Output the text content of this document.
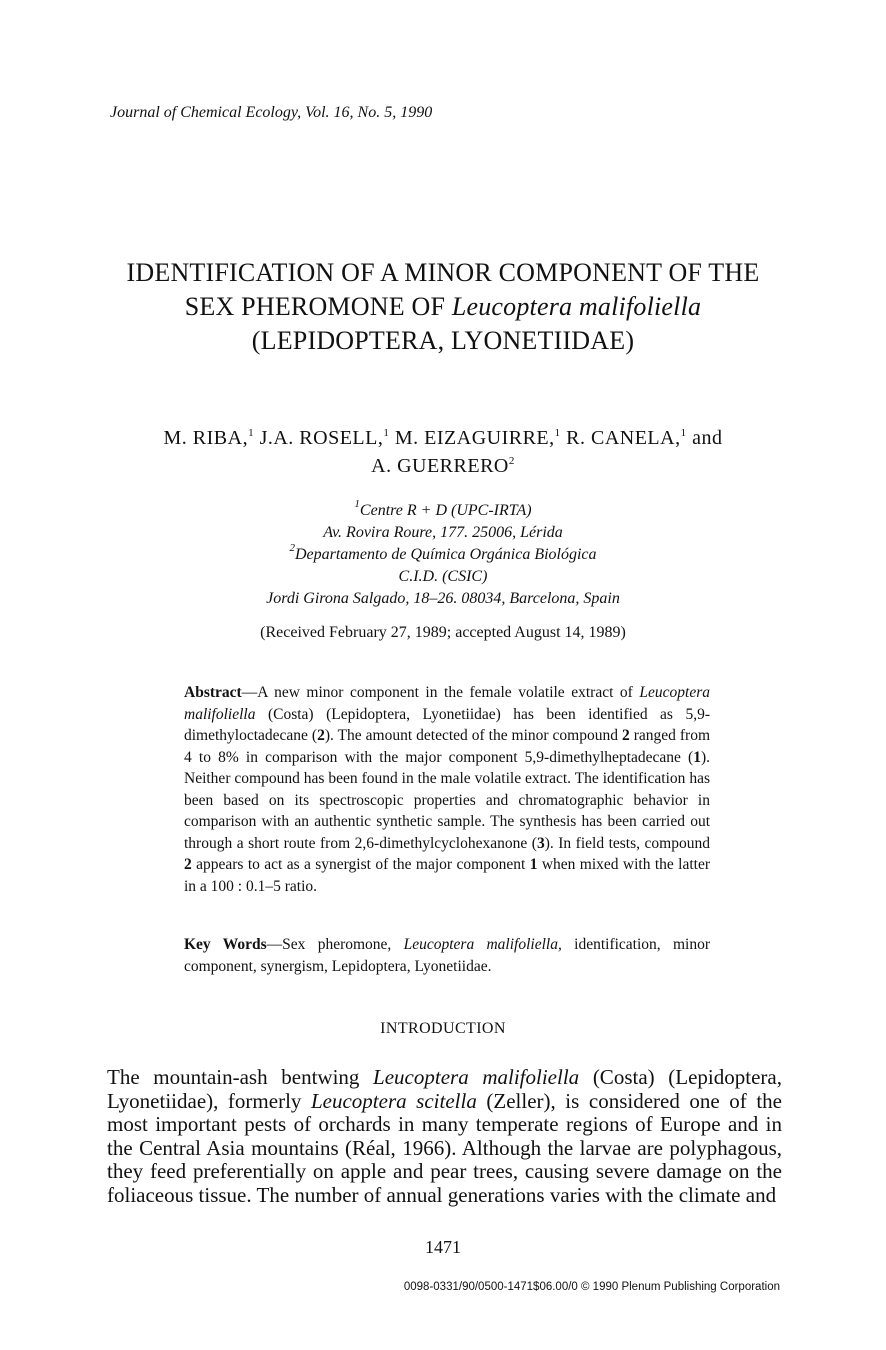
Journal of Chemical Ecology, Vol. 16, No. 5, 1990
IDENTIFICATION OF A MINOR COMPONENT OF THE
SEX PHEROMONE OF Leucoptera malifoliella
(LEPIDOPTERA, LYONETIIDAE)
M. RIBA,$^1$ J.A. ROSELL,$^1$ M. EIZAGUIRRE,$^1$ R. CANELA,$^1$ and
A. GUERRERO$^2$
$^1$Centre R + D (UPC-IRTA)
Av. Rovira Roure, 177. 25006, Lérida
$^2$Departamento de Química Orgánica Biológica
C.I.D. (CSIC)
Jordi Girona Salgado, 18–26. 08034, Barcelona, Spain
(Received February 27, 1989; accepted August 14, 1989)
Abstract—A new minor component in the female volatile extract of Leucoptera malifoliella (Costa) (Lepidoptera, Lyonetiidae) has been identified as 5,9-dimethyloctadecane (2). The amount detected of the minor compound 2 ranged from 4 to 8% in comparison with the major component 5,9-dimethylheptadecane (1). Neither compound has been found in the male volatile extract. The identification has been based on its spectroscopic properties and chromatographic behavior in comparison with an authentic synthetic sample. The synthesis has been carried out through a short route from 2,6-dimethylcyclohexanone (3). In field tests, compound 2 appears to act as a synergist of the major component 1 when mixed with the latter in a 100 : 0.1–5 ratio.
Key Words—Sex pheromone, Leucoptera malifoliella, identification, minor component, synergism, Lepidoptera, Lyonetiidae.
INTRODUCTION
The mountain-ash bentwing Leucoptera malifoliella (Costa) (Lepidoptera, Lyonetiidae), formerly Leucoptera scitella (Zeller), is considered one of the most important pests of orchards in many temperate regions of Europe and in the Central Asia mountains (Réal, 1966). Although the larvae are polyphagous, they feed preferentially on apple and pear trees, causing severe damage on the foliaceous tissue. The number of annual generations varies with the climate and
1471
0098-0331/90/0500-1471$06.00/0 © 1990 Plenum Publishing Corporation
